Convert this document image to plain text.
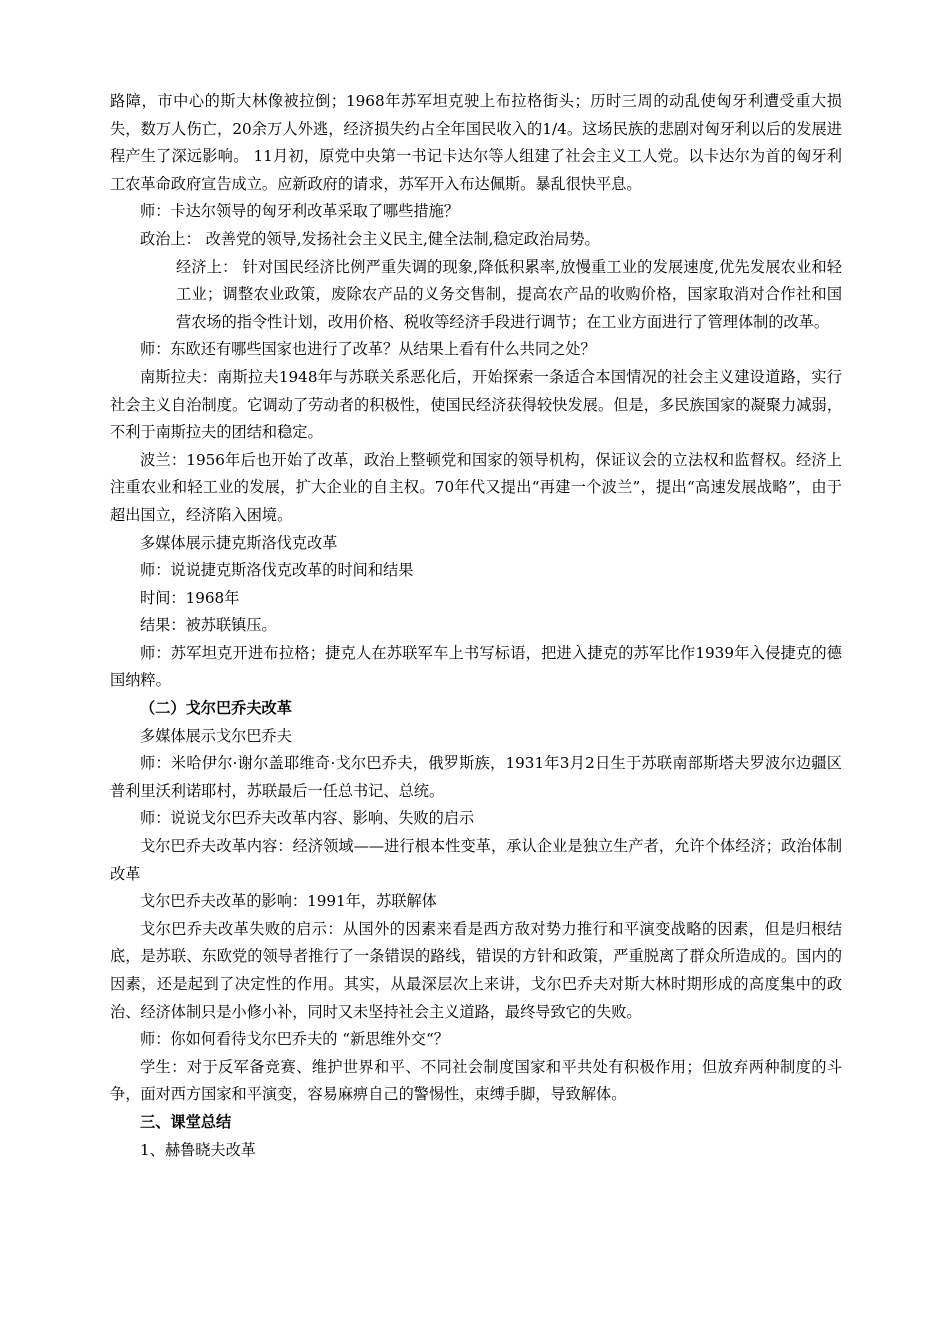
路障，市中心的斯大林像被拉倒；1968年苏军坦克驶上布拉格街头；历时三周的动乱使匈牙利遭受重大损失，数万人伤亡，20余万人外逃，经济损失约占全年国民收入的1/4。这场民族的悲剧对匈牙利以后的发展进程产生了深远影响。 11月初，原党中央第一书记卡达尔等人组建了社会主义工人党。以卡达尔为首的匈牙利工农革命政府宣告成立。应新政府的请求，苏军开入布达佩斯。暴乱很快平息。

师：卡达尔领导的匈牙利改革采取了哪些措施？

政治上： 改善党的领导,发扬社会主义民主,健全法制,稳定政治局势。

经济上： 针对国民经济比例严重失调的现象,降低积累率,放慢重工业的发展速度,优先发展农业和轻工业；调整农业政策，废除农产品的义务交售制，提高农产品的收购价格，国家取消对合作社和国营农场的指令性计划，改用价格、税收等经济手段进行调节；在工业方面进行了管理体制的改革。

师：东欧还有哪些国家也进行了改革？从结果上看有什么共同之处？

南斯拉夫：南斯拉夫1948年与苏联关系恶化后，开始探索一条适合本国情况的社会主义建设道路，实行社会主义自治制度。它调动了劳动者的积极性，使国民经济获得较快发展。但是，多民族国家的凝聚力减弱，不利于南斯拉夫的团结和稳定。

波兰：1956年后也开始了改革，政治上整顿党和国家的领导机构，保证议会的立法权和监督权。经济上注重农业和轻工业的发展，扩大企业的自主权。70年代又提出“再建一个波兰”，提出“高速发展战略”，由于超出国立，经济陷入困境。

多媒体展示捷克斯洛伐克改革

师：说说捷克斯洛伐克改革的时间和结果

时间：1968年

结果：被苏联镇压。

师：苏军坦克开进布拉格；捷克人在苏联军车上书写标语，把进入捷克的苏军比作1939年入侵捷克的德国纳粹。

（二）戈尔巴乔夫改革

多媒体展示戈尔巴乔夫

师：米哈伊尔·谢尔盖耶维奇·戈尔巴乔夫，俄罗斯族，1931年3月2日生于苏联南部斯塔夫罗波尔边疆区普利里沃利诺耶村，苏联最后一任总书记、总统。

师：说说戈尔巴乔夫改革内容、影响、失败的启示

戈尔巴乔夫改革内容：经济领域——进行根本性变革，承认企业是独立生产者，允许个体经济；政治体制改革

戈尔巴乔夫改革的影响：1991年，苏联解体

戈尔巴乔夫改革失败的启示：从国外的因素来看是西方敌对势力推行和平演变战略的因素，但是归根结底，是苏联、东欧党的领导者推行了一条错误的路线，错误的方针和政策，严重脱离了群众所造成的。国内的因素，还是起到了决定性的作用。其实，从最深层次上来讲，戈尔巴乔夫对斯大林时期形成的高度集中的政治、经济体制只是小修小补，同时又未坚持社会主义道路，最终导致它的失败。

师：你如何看待戈尔巴乔夫的 “新思维外交“？

学生：对于反军备竞赛、维护世界和平、不同社会制度国家和平共处有积极作用；但放弃两种制度的斗争，面对西方国家和平演变，容易麻痹自己的警惕性，束缚手脚，导致解体。

三、课堂总结

1、赫鲁晓夫改革
